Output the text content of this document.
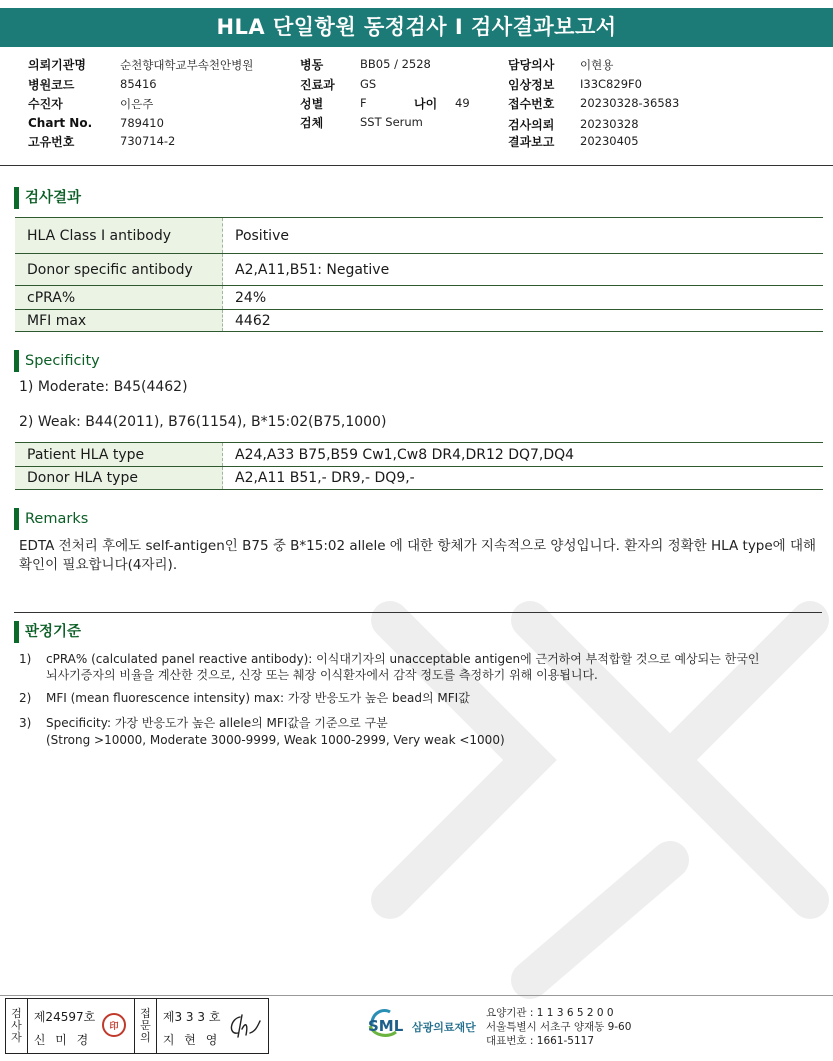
HLA 단일항원 동정검사 I 검사결과보고서
의뢰기관명	순천향대학교부속천안병원
병원코드	85416
수진자	이은주
Chart No. 789410
고유번호	730714-2
병동	BB05 / 2528
진료과 GS
성별	F	나이 49
검체	SST Serum
담당의사 이현용
임상정보 I33C829F0
접수번호 20230328-36583
검사의뢰 20230328
결과보고 20230405
검사결과
HLA Class I antibody	Positive
Donor specific antibody	A2,A11,B51: Negative
cPRA%	24%
MFI max	4462
Specificity
1) Moderate: B45(4462)
2) Weak: B44(2011), B76(1154), B*15:02(B75,1000)
Patient HLA type	A24,A33 B75,B59 Cw1,Cw8 DR4,DR12 DQ7,DQ4
Donor HLA type	A2,A11 B51,- DR9,- DQ9,-
Remarks
EDTA 전처리 후에도 self-antigen인 B75 중 B*15:02 allele 에 대한 항체가 지속적으로 양성입니다. 환자의 정확한 HLA type에 대해 확인이 필요합니다(4자리).
판정기준
1) cPRA% (calculated panel reactive antibody): 이식대기자의 unacceptable antigen에 근거하여 부적합할 것으로 예상되는 한국인
뇌사기증자의 비율을 계산한 것으로, 신장 또는 췌장 이식환자에서 감작 정도를 측정하기 위해 이용됩니다.
2) MFI (mean fluorescence intensity) max: 가장 반응도가 높은 bead의 MFI값
3) Specificity: 가장 반응도가 높은 allele의 MFI값을 기준으로 구분
(Strong >10000, Moderate 3000-9999, Weak 1000-2999, Very weak <1000)
검
사
자
제24597호
신 미 경
印
접
문
의
제3 3 3 호
지 현 영
SML 삼광의료재단
요양기관 : 1 1 3 6 5 2 0 0
서울특별시 서초구 양재동 9-60
대표번호 : 1661-5117
